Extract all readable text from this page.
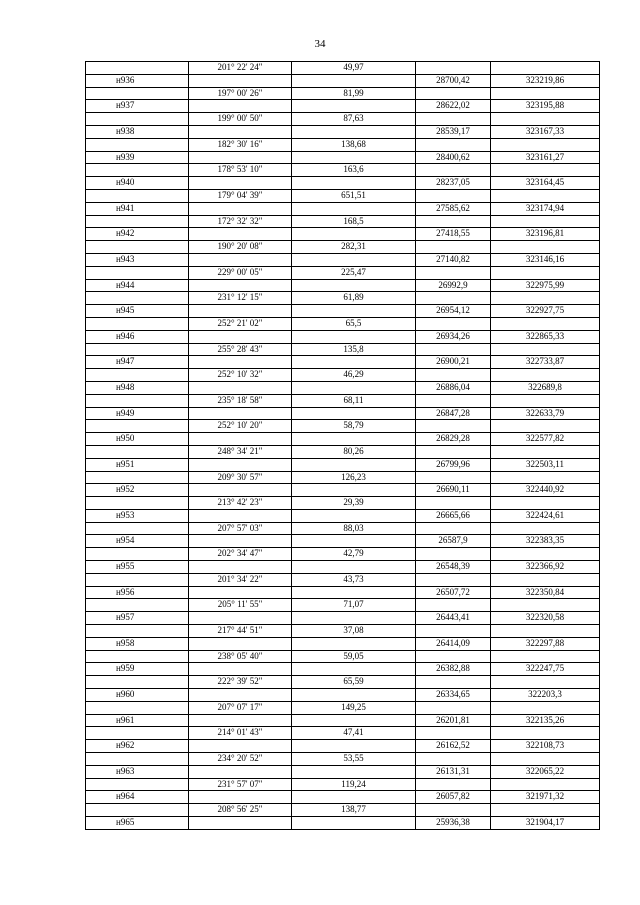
34
	201° 22' 24"	49,97		
н936			28700,42	323219,86
	197° 00' 26"	81,99		
н937			28622,02	323195,88
	199° 00' 50"	87,63		
н938			28539,17	323167,33
	182° 30' 16"	138,68		
н939			28400,62	323161,27
	178° 53' 10"	163,6		
н940			28237,05	323164,45
	179° 04' 39"	651,51		
н941			27585,62	323174,94
	172° 32' 32"	168,5		
н942			27418,55	323196,81
	190° 20' 08"	282,31		
н943			27140,82	323146,16
	229° 00' 05"	225,47		
н944			26992,9	322975,99
	231° 12' 15"	61,89		
н945			26954,12	322927,75
	252° 21' 02"	65,5		
н946			26934,26	322865,33
	255° 28' 43"	135,8		
н947			26900,21	322733,87
	252° 10' 32"	46,29		
н948			26886,04	322689,8
	235° 18' 58"	68,11		
н949			26847,28	322633,79
	252° 10' 20"	58,79		
н950			26829,28	322577,82
	248° 34' 21"	80,26		
н951			26799,96	322503,11
	209° 30' 57"	126,23		
н952			26690,11	322440,92
	213° 42' 23"	29,39		
н953			26665,66	322424,61
	207° 57' 03"	88,03		
н954			26587,9	322383,35
	202° 34' 47"	42,79		
н955			26548,39	322366,92
	201° 34' 22"	43,73		
н956			26507,72	322350,84
	205° 11' 55"	71,07		
н957			26443,41	322320,58
	217° 44' 51"	37,08		
н958			26414,09	322297,88
	238° 05' 40"	59,05		
н959			26382,88	322247,75
	222° 39' 52"	65,59		
н960			26334,65	322203,3
	207° 07' 17"	149,25		
н961			26201,81	322135,26
	214° 01' 43"	47,41		
н962			26162,52	322108,73
	234° 20' 52"	53,55		
н963			26131,31	322065,22
	231° 57' 07"	119,24		
н964			26057,82	321971,32
	208° 56' 25"	138,77		
н965			25936,38	321904,17
